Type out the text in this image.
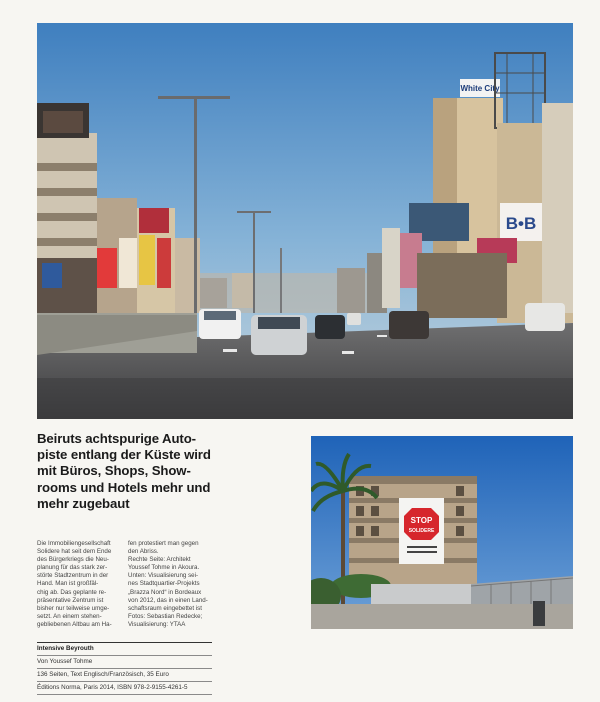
White City
B•B
Beiruts achtspurige Auto-
piste entlang der Küste wird
mit Büros, Shops, Show-
rooms und Hotels mehr und
mehr zugebaut
Die Immobiliengesellschaft
Solidere hat seit dem Ende
des Bürgerkriegs die Neu-
planung für das stark zer-
störte Stadtzentrum in der
Hand. Man ist großfäl-
chig ab. Das geplante re-
präsentative Zentrum ist
bisher nur teilweise umge-
setzt. An einem stehen-
gebliebenen Altbau am Ha-
fen protestiert man gegen
den Abriss.
Rechte Seite: Architekt
Youssef Tohme in Akoura.
Unten: Visualisierung sei-
nes Stadtquartier-Projekts
„Brazza Nord“ in Bordeaux
von 2012, das in einen Land-
schaftsraum eingebettet ist
Fotos: Sebastian Redecke;
Visualisierung: YTAA
Intensive Beyrouth
Von Youssef Tohme
136 Seiten, Text Englisch/Französisch, 35 Euro
Éditions Norma, Paris 2014, ISBN 978-2-9155-4261-5
STOP
SOLIDERE
